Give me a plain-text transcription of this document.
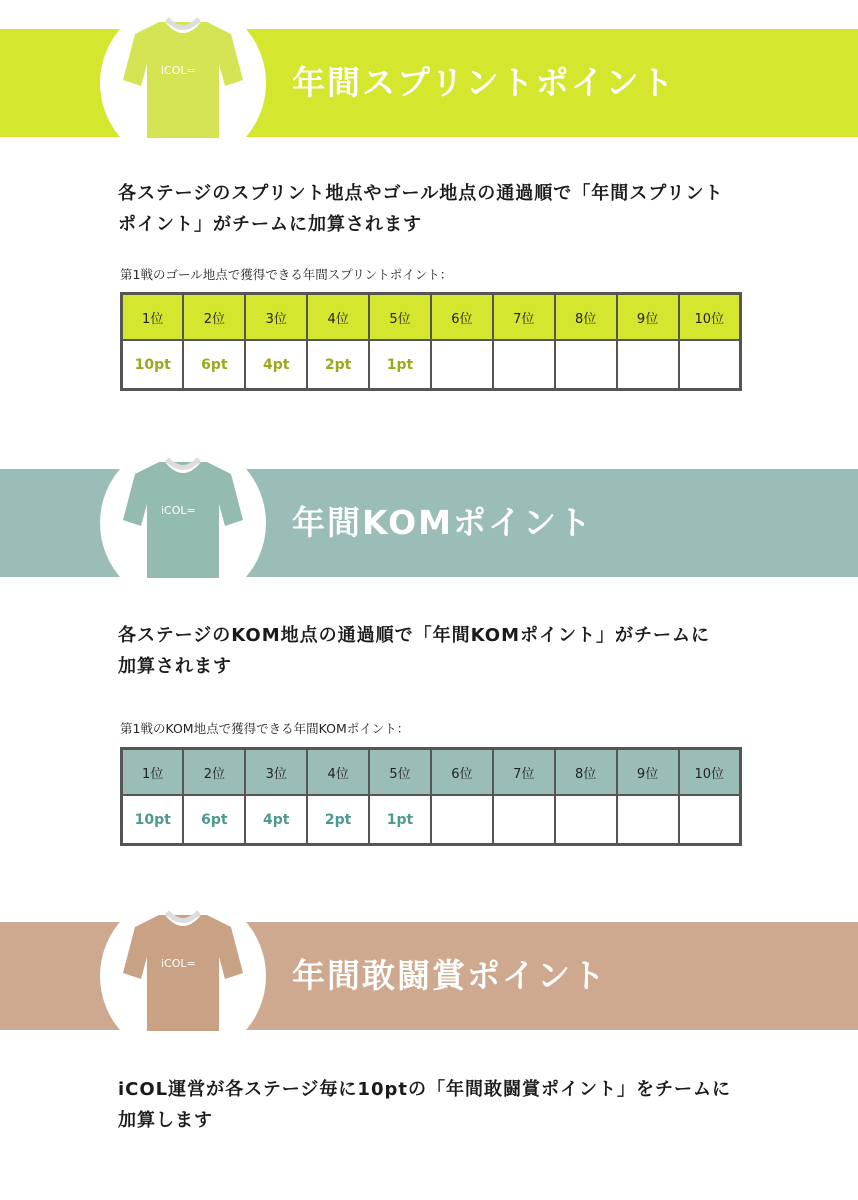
iCOL=	年間スプリントポイント
各ステージのスプリント地点やゴール地点の通過順で「年間スプリント
ポイント」がチームに加算されます
第1戦のゴール地点で獲得できる年間スプリントポイント：
1位	2位	3位	4位	5位	6位	7位	8位	9位	10位
10pt	6pt	4pt	2pt	1pt					
iCOL=	年間KOMポイント
各ステージのKOM地点の通過順で「年間KOMポイント」がチームに
加算されます
第1戦のKOM地点で獲得できる年間KOMポイント：
1位	2位	3位	4位	5位	6位	7位	8位	9位	10位
10pt	6pt	4pt	2pt	1pt					
iCOL=	年間敢闘賞ポイント
iCOL運営が各ステージ毎に10ptの「年間敢闘賞ポイント」をチームに
加算します
